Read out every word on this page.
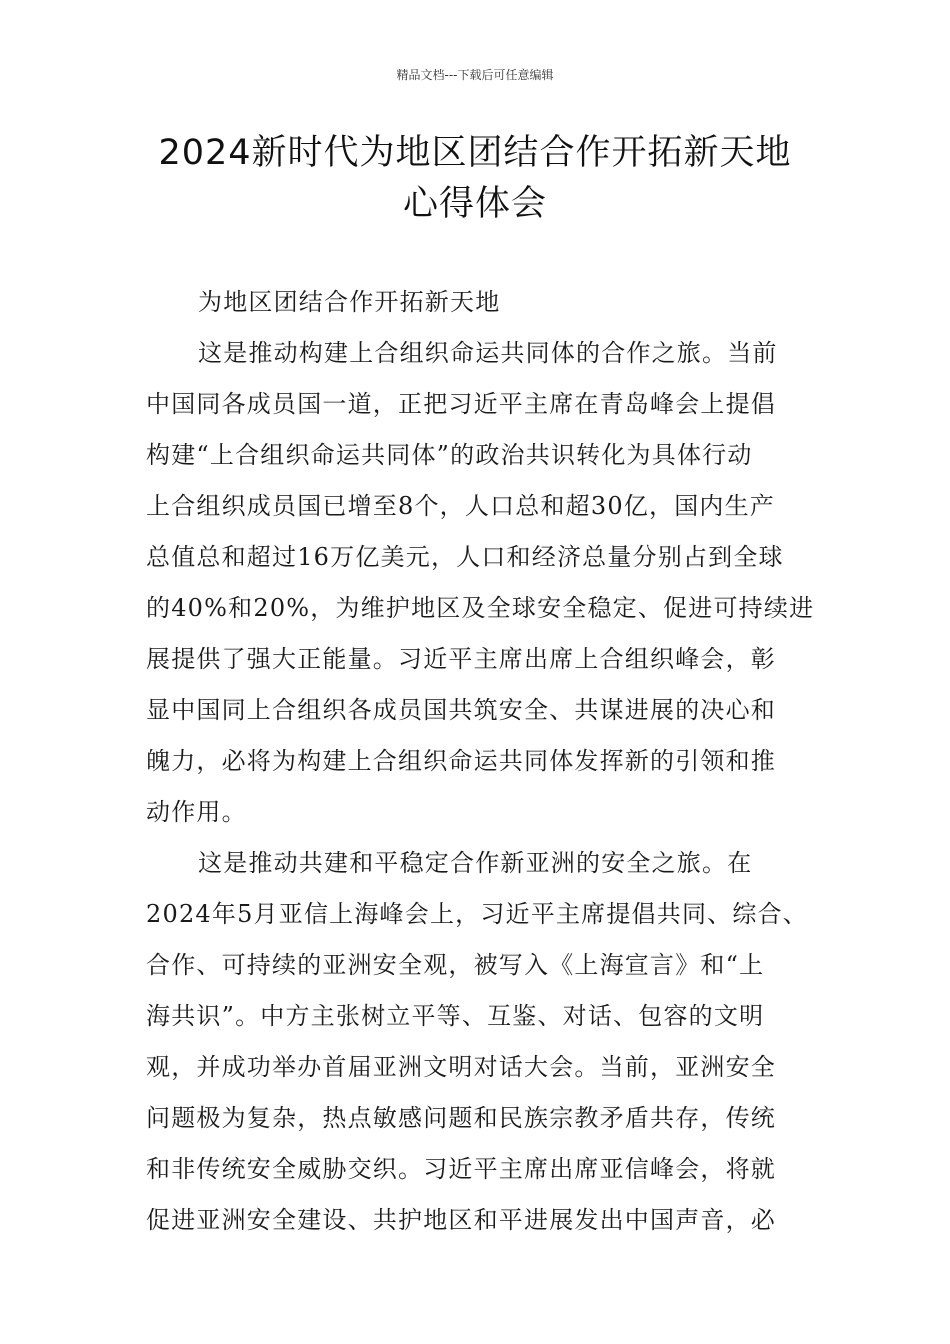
精品文档---下载后可任意编辑
2024新时代为地区团结合作开拓新天地
心得体会
为地区团结合作开拓新天地
这是推动构建上合组织命运共同体的合作之旅。当前
中国同各成员国一道，正把习近平主席在青岛峰会上提倡
构建“上合组织命运共同体”的政治共识转化为具体行动
上合组织成员国已增至8个，人口总和超30亿，国内生产
总值总和超过16万亿美元，人口和经济总量分别占到全球
的40%和20%，为维护地区及全球安全稳定、促进可持续进
展提供了强大正能量。习近平主席出席上合组织峰会，彰
显中国同上合组织各成员国共筑安全、共谋进展的决心和
魄力，必将为构建上合组织命运共同体发挥新的引领和推
动作用。
这是推动共建和平稳定合作新亚洲的安全之旅。在
2024年5月亚信上海峰会上，习近平主席提倡共同、综合、
合作、可持续的亚洲安全观，被写入《上海宣言》和“上
海共识”。中方主张树立平等、互鉴、对话、包容的文明
观，并成功举办首届亚洲文明对话大会。当前，亚洲安全
问题极为复杂，热点敏感问题和民族宗教矛盾共存，传统
和非传统安全威胁交织。习近平主席出席亚信峰会，将就
促进亚洲安全建设、共护地区和平进展发出中国声音，必
